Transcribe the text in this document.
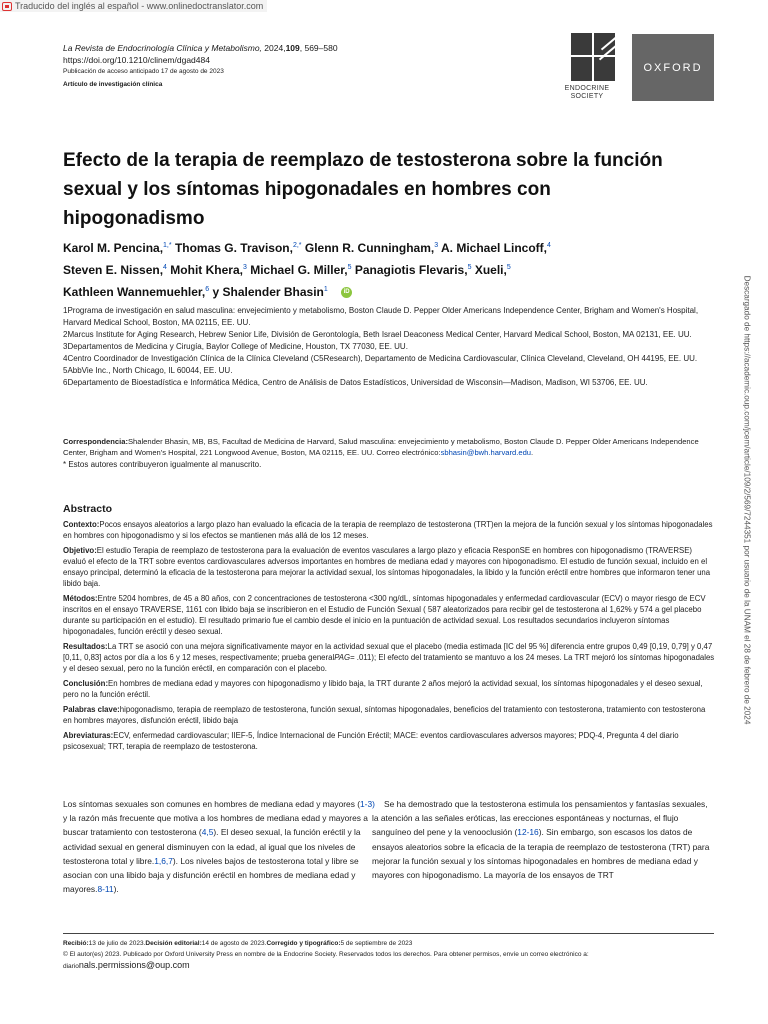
Traducido del inglés al español - www.onlinedoctranslator.com
La Revista de Endocrinología Clínica y Metabolismo, 2024,109, 569–580
https://doi.org/10.1210/clinem/dgad484
Publicación de acceso anticipado 17 de agosto de 2023
Artículo de investigación clínica
ENDOCRINE
SOCIETY
OXFORD
Efecto de la terapia de reemplazo de testosterona sobre la función sexual y los síntomas hipogonadales en hombres con hipogonadismo
Karol M. Pencina,$^{1,*}$ Thomas G. Travison,$^{2,*}$ Glenn R. Cunningham,$^3$ A. Michael Lincoff,$^4$
Steven E. Nissen,$^4$ Mohit Khera,$^3$ Michael G. Miller,$^5$ Panagiotis Flevaris,$^5$ Xueli,$^5$
Kathleen Wannemuehler,$^6$ y Shalender Bhasin$^1$	iD
1Programa de investigación en salud masculina: envejecimiento y metabolismo, Boston Claude D. Pepper Older Americans Independence Center, Brigham and Women's Hospital, Harvard Medical School, Boston, MA 02115, EE. UU.
2Marcus Institute for Aging Research, Hebrew Senior Life, División de Gerontología, Beth Israel Deaconess Medical Center, Harvard Medical School, Boston, MA 02131, EE. UU.
3Departamentos de Medicina y Cirugía, Baylor College of Medicine, Houston, TX 77030, EE. UU.
4Centro Coordinador de Investigación Clínica de la Clínica Cleveland (C5Research), Departamento de Medicina Cardiovascular, Clínica Cleveland, Cleveland, OH 44195, EE. UU.
5AbbVie Inc., North Chicago, IL 60044, EE. UU.
6Departamento de Bioestadística e Informática Médica, Centro de Análisis de Datos Estadísticos, Universidad de Wisconsin—Madison, Madison, WI 53706, EE. UU.
Correspondencia:Shalender Bhasin, MB, BS, Facultad de Medicina de Harvard, Salud masculina: envejecimiento y metabolismo, Boston Claude D. Pepper Older Americans Independence Center, Brigham and Women's Hospital, 221 Longwood Avenue, Boston, MA 02115, EE. UU. Correo electrónico:sbhasin@bwh.harvard.edu.
* Estos autores contribuyeron igualmente al manuscrito.
Abstracto

Contexto:Pocos ensayos aleatorios a largo plazo han evaluado la eficacia de la terapia de reemplazo de testosterona (TRT)en la mejora de la función sexual y los síntomas hipogonadales en hombres con hipogonadismo y si los efectos se mantienen más allá de los 12 meses.

Objetivo:El estudio Terapia de reemplazo de testosterona para la evaluación de eventos vasculares a largo plazo y eficacia ResponSE en hombres con hipogonadismo (TRAVERSE) evaluó el efecto de la TRT sobre eventos cardiovasculares adversos importantes en hombres de mediana edad y mayores con hipogonadismo. El estudio de función sexual, incluido en el ensayo principal, determinó la eficacia de la testosterona para mejorar la actividad sexual, los síntomas hipogonadales, la libido y la función eréctil entre hombres que informaron tener una libido baja.

Métodos:Entre 5204 hombres, de 45 a 80 años, con 2 concentraciones de testosterona <300 ng/dL, síntomas hipogonadales y enfermedad cardiovascular (ECV) o mayor riesgo de ECV inscritos en el ensayo TRAVERSE, 1161 con libido baja se inscribieron en el Estudio de Función Sexual ( 587 aleatorizados para recibir gel de testosterona al 1,62% y 574 a gel placebo durante su participación en el estudio). El resultado primario fue el cambio desde el inicio en la puntuación de actividad sexual. Los resultados secundarios incluyeron síntomas hipogonadales, función eréctil y deseo sexual.

Resultados:La TRT se asoció con una mejora significativamente mayor en la actividad sexual que el placebo (media estimada [IC del 95 %] diferencia entre grupos 0,49 [0,19, 0,79] y 0,47 [0,11, 0,83] actos por día a los 6 y 12 meses, respectivamente; prueba generalPAG= .011); El efecto del tratamiento se mantuvo a los 24 meses. La TRT mejoró los síntomas hipogonadales y el deseo sexual, pero no la función eréctil, en comparación con el placebo.

Conclusión:En hombres de mediana edad y mayores con hipogonadismo y libido baja, la TRT durante 2 años mejoró la actividad sexual, los síntomas hipogonadales y el deseo sexual, pero no la función eréctil.

Palabras clave:hipogonadismo, terapia de reemplazo de testosterona, función sexual, síntomas hipogonadales, beneficios del tratamiento con testosterona, tratamiento con testosterona en hombres mayores, disfunción eréctil, libido baja

Abreviaturas:ECV, enfermedad cardiovascular; IIEF-5, Índice Internacional de Función Eréctil; MACE: eventos cardiovasculares adversos mayores; PDQ-4, Pregunta 4 del diario psicosexual; TRT, terapia de reemplazo de testosterona.

Los síntomas sexuales son comunes en hombres de mediana edad y mayores (1-3) y la razón más frecuente que motiva a los hombres de mediana edad y mayores a buscar tratamiento con testosterona (4,5). El deseo sexual, la función eréctil y la actividad sexual en general disminuyen con la edad, al igual que los niveles de testosterona total y libre.1,6,7). Los niveles bajos de testosterona total y libre se asocian con una libido baja y disfunción eréctil en hombres de mediana edad y mayores.8-11).
Se ha demostrado que la testosterona estimula los pensamientos y fantasías sexuales, la atención a las señales eróticas, las erecciones espontáneas y nocturnas, el flujo sanguíneo del pene y la venooclusión (12-16). Sin embargo, son escasos los datos de ensayos aleatorios sobre la eficacia de la terapia de reemplazo de testosterona (TRT) para mejorar la función sexual y los síntomas hipogonadales en hombres de mediana edad y mayores con hipogonadismo. La mayoría de los ensayos de TRT
Recibió:13 de julio de 2023.Decisión editorial:14 de agosto de 2023.Corregido y tipográfico:5 de septiembre de 2023
© El autor(es) 2023. Publicado por Oxford University Press en nombre de la Endocrine Society. Reservados todos los derechos. Para obtener permisos, envíe un correo electrónico a:
diarionals.permissions@oup.com
Descargado de https://academic.oup.com/jcem/article/109/2/569/7244351 por usuario de la UNAM el 28 de febrero de 2024
